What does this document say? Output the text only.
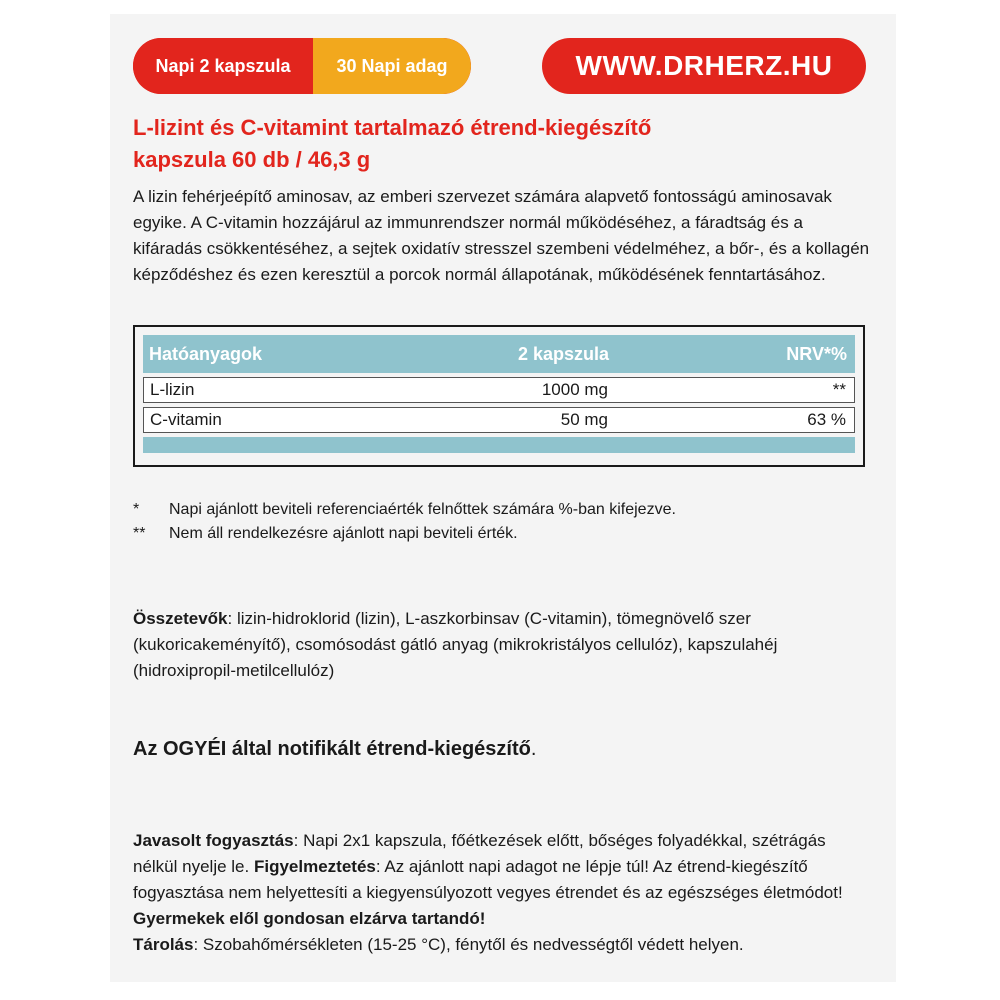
Napi 2 kapszula	30 Napi adag	WWW.DRHERZ.HU
L-lizint és C-vitamint tartalmazó étrend-kiegészítő
kapszula 60 db / 46,3 g

A lizin fehérjeépítő aminosav, az emberi szervezet számára alapvető fontosságú aminosavak egyike. A C-vitamin hozzájárul az immunrendszer normál működéséhez, a fáradtság és a kifáradás csökkentéséhez, a sejtek oxidatív stresszel szembeni védelméhez, a bőr-, és a kollagén képződéshez és ezen keresztül a porcok normál állapotának, működésének fenntartásához.

Hatóanyagok	2 kapszula	NRV*%
L-lizin	1000 mg	**
C-vitamin	50 mg	63 %
*	Napi ajánlott beviteli referenciaérték felnőttek számára %-ban kifejezve.
**	Nem áll rendelkezésre ajánlott napi beviteli érték.

Összetevők: lizin-hidroklorid (lizin), L-aszkorbinsav (C-vitamin), tömegnövelő szer (kukoricakeményítő), csomósodást gátló anyag (mikrokristályos cellulóz), kapszulahéj (hidroxipropil-metilcellulóz)

Az OGYÉI által notifikált étrend-kiegészítő.

Javasolt fogyasztás: Napi 2x1 kapszula, főétkezések előtt, bőséges folyadékkal, szétrágás nélkül nyelje le. Figyelmeztetés: Az ajánlott napi adagot ne lépje túl! Az étrend-kiegészítő fogyasztása nem helyettesíti a kiegyensúlyozott vegyes étrendet és az egészséges életmódot! Gyermekek elől gondosan elzárva tartandó!
Tárolás: Szobahőmérsékleten (15-25 °C), fénytől és nedvességtől védett helyen.
